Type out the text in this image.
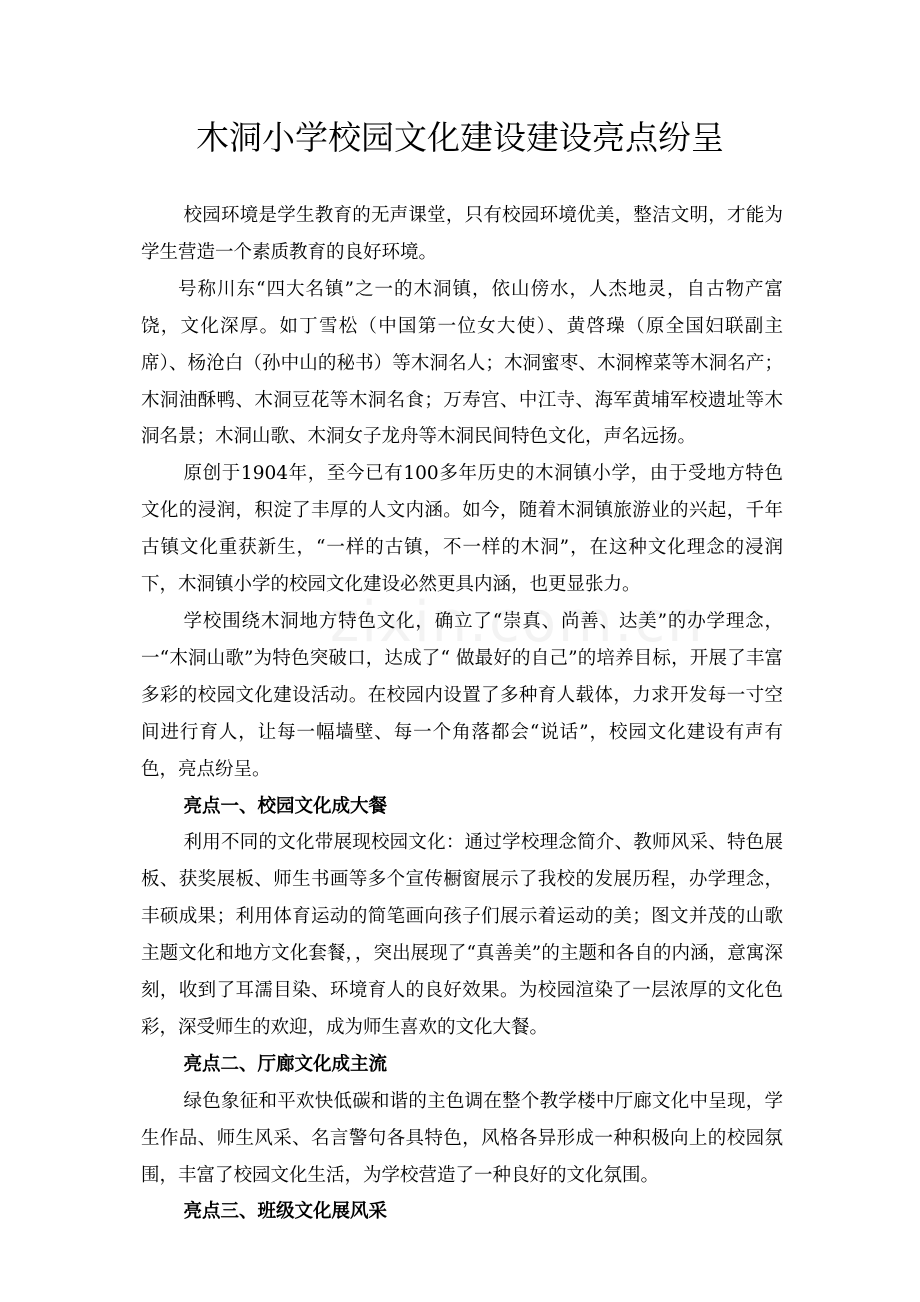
木洞小学校园文化建设建设亮点纷呈

校园环境是学生教育的无声课堂，只有校园环境优美，整洁文明，才能为学生营造一个素质教育的良好环境。

号称川东“四大名镇”之一的木洞镇，依山傍水，人杰地灵，自古物产富饶，文化深厚。如丁雪松（中国第一位女大使）、黄啓璪（原全国妇联副主席）、杨沧白（孙中山的秘书）等木洞名人；木洞蜜枣、木洞榨菜等木洞名产；木洞油酥鸭、木洞豆花等木洞名食；万寿宫、中江寺、海军黄埔军校遗址等木洞名景；木洞山歌、木洞女子龙舟等木洞民间特色文化，声名远扬。

原创于1904年，至今已有100多年历史的木洞镇小学，由于受地方特色文化的浸润，积淀了丰厚的人文内涵。如今，随着木洞镇旅游业的兴起，千年古镇文化重获新生，“一样的古镇，不一样的木洞”，在这种文化理念的浸润下，木洞镇小学的校园文化建设必然更具内涵，也更显张力。

学校围绕木洞地方特色文化，确立了“崇真、尚善、达美”的办学理念，一“木洞山歌”为特色突破口，达成了“ 做最好的自己”的培养目标，开展了丰富多彩的校园文化建设活动。在校园内设置了多种育人载体，力求开发每一寸空间进行育人，让每一幅墙壁、每一个角落都会“说话”，校园文化建设有声有色，亮点纷呈。

亮点一、校园文化成大餐

利用不同的文化带展现校园文化：通过学校理念简介、教师风采、特色展板、获奖展板、师生书画等多个宣传橱窗展示了我校的发展历程，办学理念，丰硕成果；利用体育运动的简笔画向孩子们展示着运动的美；图文并茂的山歌主题文化和地方文化套餐，，突出展现了“真善美”的主题和各自的内涵，意寓深刻，收到了耳濡目染、环境育人的良好效果。为校园渲染了一层浓厚的文化色彩，深受师生的欢迎，成为师生喜欢的文化大餐。

亮点二、厅廊文化成主流

绿色象征和平欢快低碳和谐的主色调在整个教学楼中厅廊文化中呈现，学生作品、师生风采、名言警句各具特色，风格各异形成一种积极向上的校园氛围，丰富了校园文化生活，为学校营造了一种良好的文化氛围。

亮点三、班级文化展风采
